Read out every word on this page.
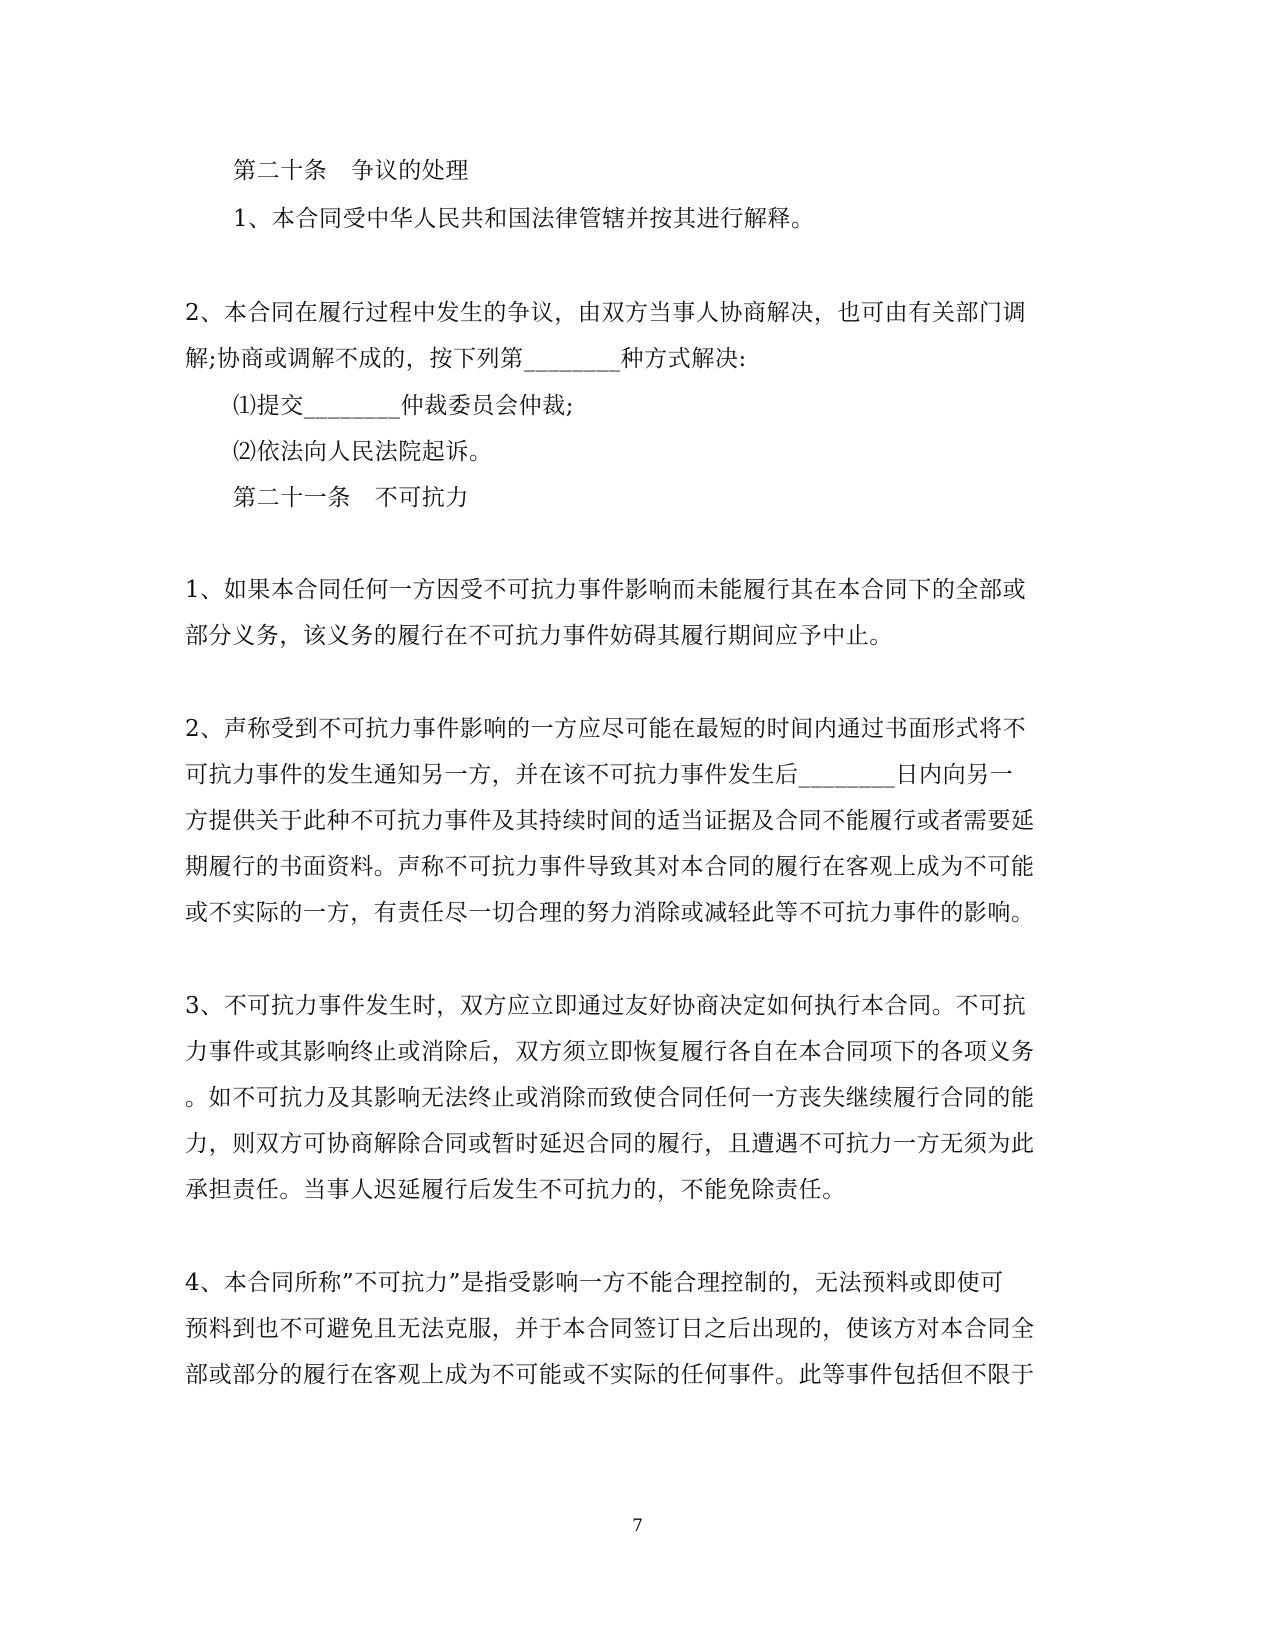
第二十条　争议的处理
1、本合同受中华人民共和国法律管辖并按其进行解释。
2、本合同在履行过程中发生的争议，由双方当事人协商解决，也可由有关部门调
解;协商或调解不成的，按下列第________种方式解决:
⑴提交________仲裁委员会仲裁;
⑵依法向人民法院起诉。
第二十一条　不可抗力
1、如果本合同任何一方因受不可抗力事件影响而未能履行其在本合同下的全部或
部分义务，该义务的履行在不可抗力事件妨碍其履行期间应予中止。
2、声称受到不可抗力事件影响的一方应尽可能在最短的时间内通过书面形式将不
可抗力事件的发生通知另一方，并在该不可抗力事件发生后________日内向另一
方提供关于此种不可抗力事件及其持续时间的适当证据及合同不能履行或者需要延
期履行的书面资料。声称不可抗力事件导致其对本合同的履行在客观上成为不可能
或不实际的一方，有责任尽一切合理的努力消除或减轻此等不可抗力事件的影响。
3、不可抗力事件发生时，双方应立即通过友好协商决定如何执行本合同。不可抗
力事件或其影响终止或消除后，双方须立即恢复履行各自在本合同项下的各项义务
。如不可抗力及其影响无法终止或消除而致使合同任何一方丧失继续履行合同的能
力，则双方可协商解除合同或暂时延迟合同的履行，且遭遇不可抗力一方无须为此
承担责任。当事人迟延履行后发生不可抗力的，不能免除责任。
4、本合同所称”不可抗力”是指受影响一方不能合理控制的，无法预料或即使可
预料到也不可避免且无法克服，并于本合同签订日之后出现的，使该方对本合同全
部或部分的履行在客观上成为不可能或不实际的任何事件。此等事件包括但不限于
7
